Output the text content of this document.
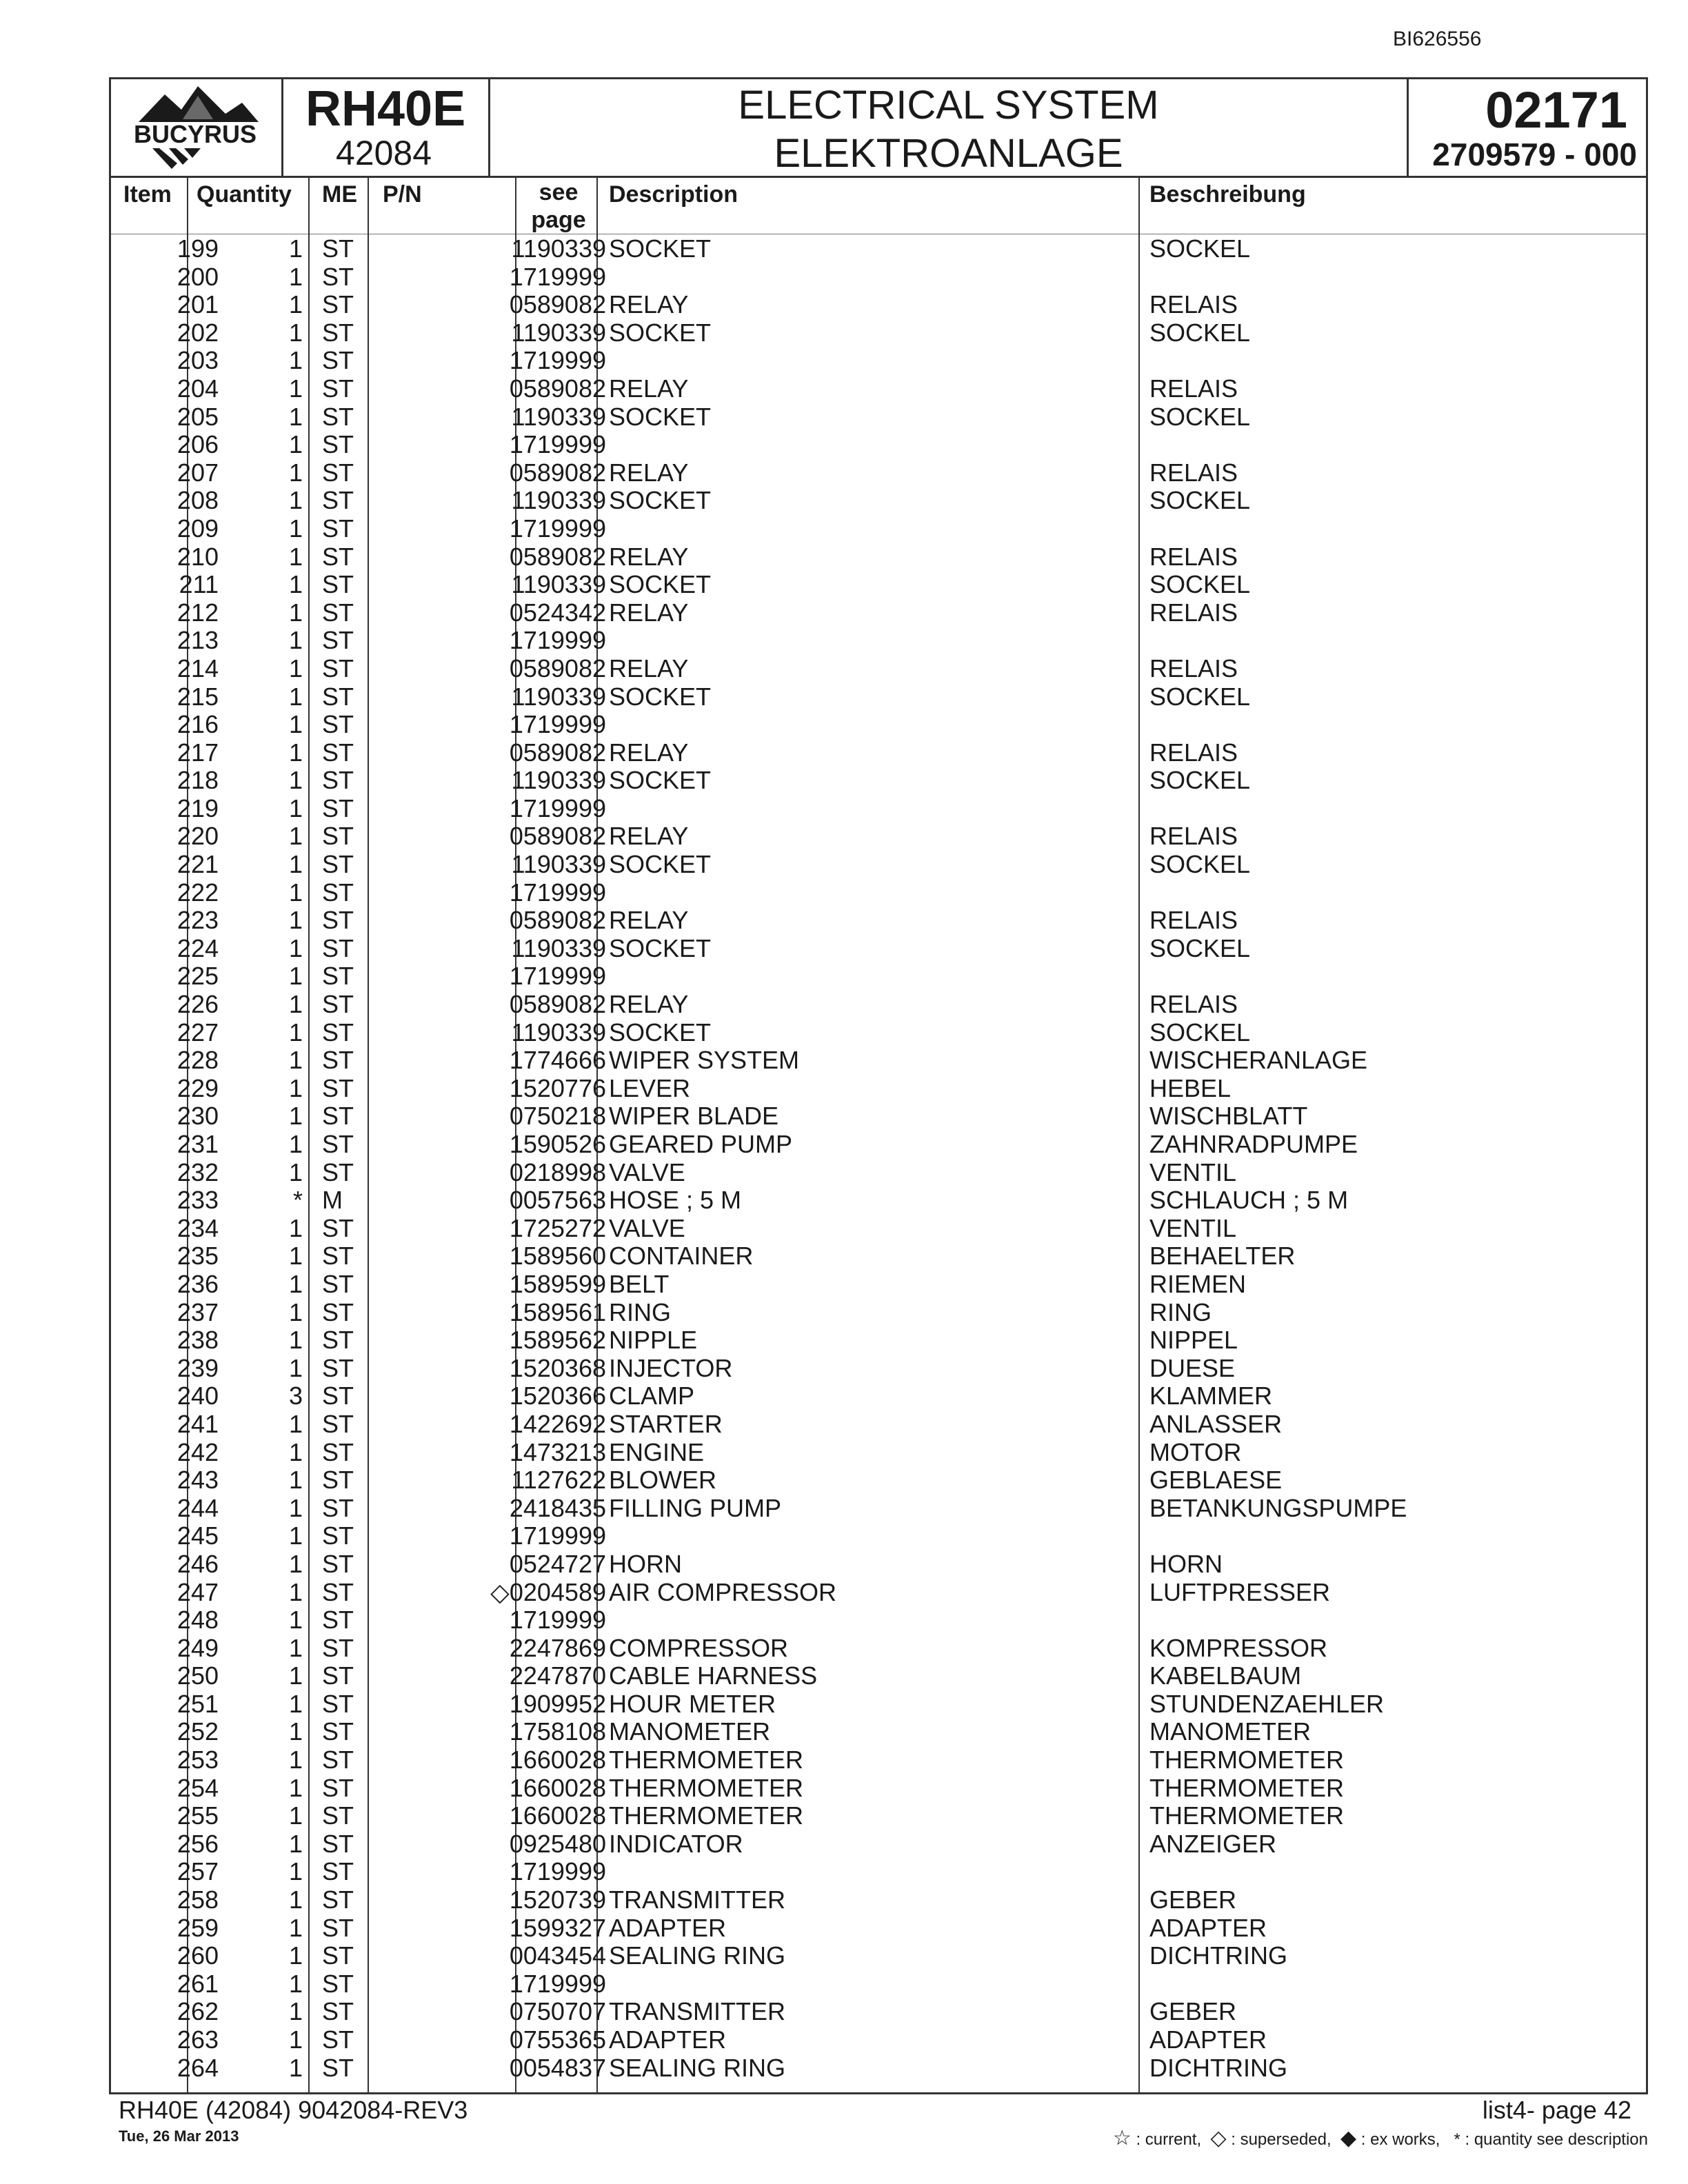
BI626556
BUCYRUS RH40E
42084
ELECTRICAL SYSTEM
ELEKTROANLAGE
02171
2709579 - 000
Item Quantity ME P/N	see page
Description	Beschreibung
199	1 ST	1190339 SOCKET	SOCKEL
200	1 ST	1719999
201	1 ST	0589082 RELAY	RELAIS
202	1 ST	1190339 SOCKET	SOCKEL
203	1 ST	1719999
204	1 ST	0589082 RELAY	RELAIS
205	1 ST	1190339 SOCKET	SOCKEL
206	1 ST	1719999
207	1 ST	0589082 RELAY	RELAIS
208	1 ST	1190339 SOCKET	SOCKEL
209	1 ST	1719999
210	1 ST	0589082 RELAY	RELAIS
211	1 ST	1190339 SOCKET	SOCKEL
212	1 ST	0524342 RELAY	RELAIS
213	1 ST	1719999
214	1 ST	0589082 RELAY	RELAIS
215	1 ST	1190339 SOCKET	SOCKEL
216	1 ST	1719999
217	1 ST	0589082 RELAY	RELAIS
218	1 ST	1190339 SOCKET	SOCKEL
219	1 ST	1719999
220	1 ST	0589082 RELAY	RELAIS
221	1 ST	1190339 SOCKET	SOCKEL
222	1 ST	1719999
223	1 ST	0589082 RELAY	RELAIS
224	1 ST	1190339 SOCKET	SOCKEL
225	1 ST	1719999
226	1 ST	0589082 RELAY	RELAIS
227	1 ST	1190339 SOCKET	SOCKEL
228	1 ST	1774666 WIPER SYSTEM	WISCHERANLAGE
229	1 ST	1520776 LEVER	HEBEL
230	1 ST	0750218 WIPER BLADE	WISCHBLATT
231	1 ST	1590526 GEARED PUMP	ZAHNRADPUMPE
232	1 ST	0218998 VALVE	VENTIL
233	* M	0057563 HOSE ; 5 M	SCHLAUCH ; 5 M
234	1 ST	1725272 VALVE	VENTIL
235	1 ST	1589560 CONTAINER	BEHAELTER
236	1 ST	1589599 BELT	RIEMEN
237	1 ST	1589561 RING	RING
238	1 ST	1589562 NIPPLE	NIPPEL
239	1 ST	1520368 INJECTOR	DUESE
240	3 ST	1520366 CLAMP	KLAMMER
241	1 ST	1422692 STARTER	ANLASSER
242	1 ST	1473213 ENGINE	MOTOR
243	1 ST	1127622 BLOWER	GEBLAESE
244	1 ST	2418435 FILLING PUMP	BETANKUNGSPUMPE
245	1 ST	1719999
246	1 ST	0524727 HORN	HORN
247	1 ST	◇0204589 AIR COMPRESSOR	LUFTPRESSER
248	1 ST	1719999
249	1 ST	2247869 COMPRESSOR	KOMPRESSOR
250	1 ST	2247870 CABLE HARNESS	KABELBAUM
251	1 ST	1909952 HOUR METER	STUNDENZAEHLER
252	1 ST	1758108 MANOMETER	MANOMETER
253	1 ST	1660028 THERMOMETER	THERMOMETER
254	1 ST	1660028 THERMOMETER	THERMOMETER
255	1 ST	1660028 THERMOMETER	THERMOMETER
256	1 ST	0925480 INDICATOR	ANZEIGER
257	1 ST	1719999
258	1 ST	1520739 TRANSMITTER	GEBER
259	1 ST	1599327 ADAPTER	ADAPTER
260	1 ST	0043454 SEALING RING	DICHTRING
261	1 ST	1719999
262	1 ST	0750707 TRANSMITTER	GEBER
263	1 ST	0755365 ADAPTER	ADAPTER
264	1 ST	0054837 SEALING RING	DICHTRING
RH40E (42084) 9042084-REV3
Tue, 26 Mar 2013
list4- page 42
☆ : current, ◇ : superseded, ◆ : ex works, * : quantity see description
